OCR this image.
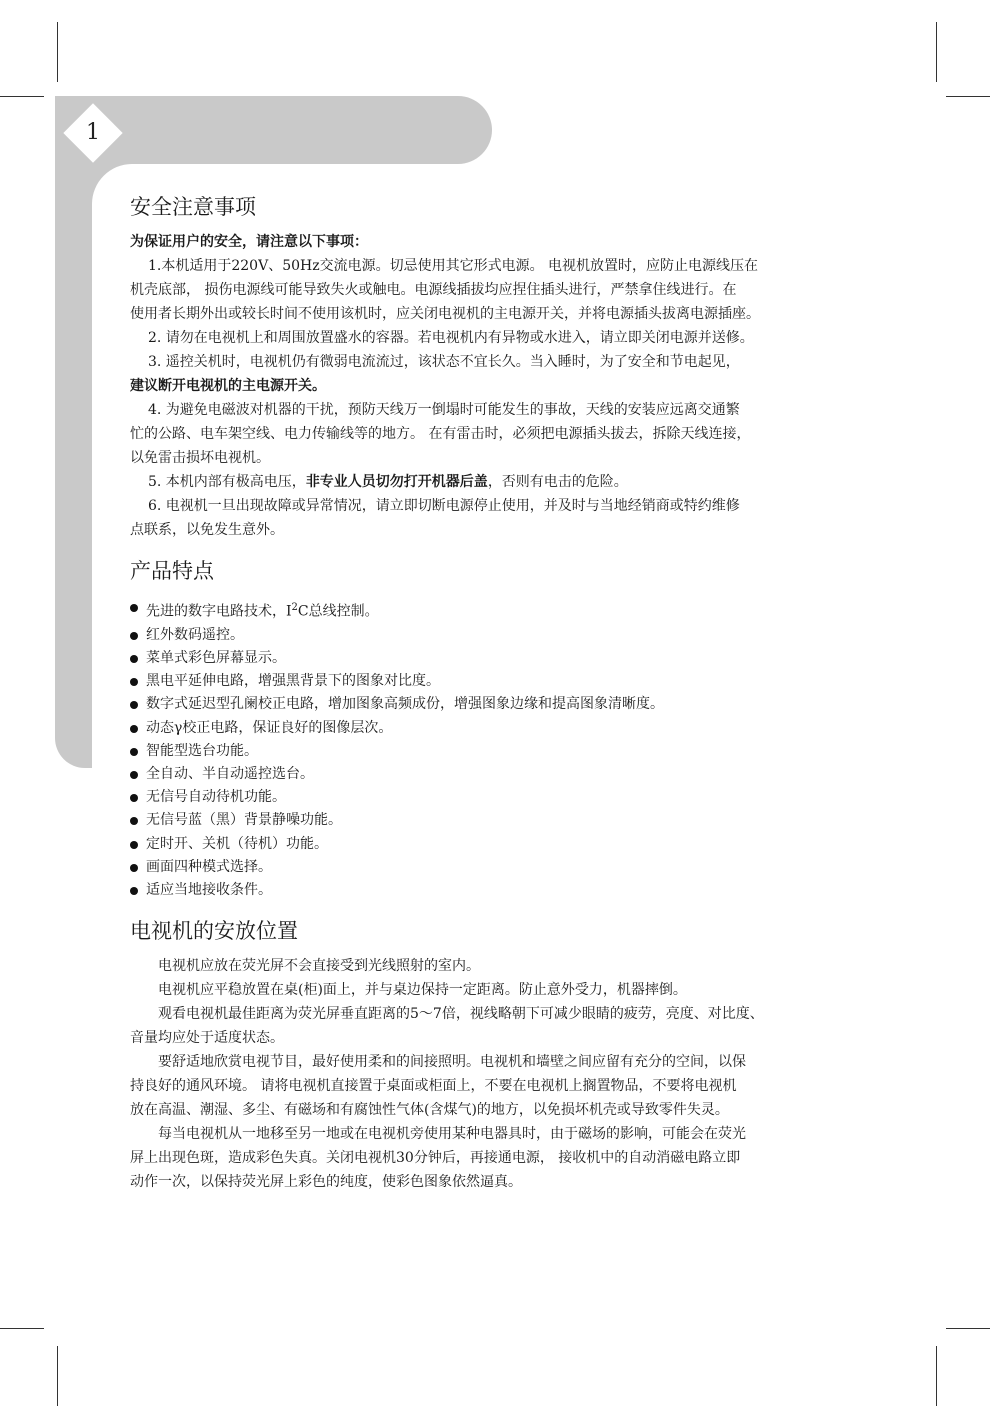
1
安全注意事项
为保证用户的安全，请注意以下事项：

1.本机适用于220V、50Hz交流电源。切忌使用其它形式电源。 电视机放置时，应防止电源线压在

机壳底部， 损伤电源线可能导致失火或触电。电源线插拔均应捏住插头进行，严禁拿住线进行。在

使用者长期外出或较长时间不使用该机时，应关闭电视机的主电源开关，并将电源插头拔离电源插座。

2. 请勿在电视机上和周围放置盛水的容器。若电视机内有异物或水进入，请立即关闭电源并送修。

3. 遥控关机时，电视机仍有微弱电流流过，该状态不宜长久。当入睡时，为了安全和节电起见，

建议断开电视机的主电源开关。

4. 为避免电磁波对机器的干扰，预防天线万一倒塌时可能发生的事故，天线的安装应远离交通繁

忙的公路、电车架空线、电力传输线等的地方。 在有雷击时，必须把电源插头拔去，拆除天线连接，

以免雷击损坏电视机。

5. 本机内部有极高电压，非专业人员切勿打开机器后盖，否则有电击的危险。

6. 电视机一旦出现故障或异常情况，请立即切断电源停止使用，并及时与当地经销商或特约维修

点联系，以免发生意外。

产品特点
先进的数字电路技术，$I^2C$总线控制。
红外数码遥控。
菜单式彩色屏幕显示。
黑电平延伸电路，增强黑背景下的图象对比度。
数字式延迟型孔阑校正电路，增加图象高频成份，增强图象边缘和提高图象清晰度。
动态γ校正电路，保证良好的图像层次。
智能型选台功能。
全自动、半自动遥控选台。
无信号自动待机功能。
无信号蓝（黑）背景静噪功能。
定时开、关机（待机）功能。
画面四种模式选择。
适应当地接收条件。
电视机的安放位置

电视机应放在荧光屏不会直接受到光线照射的室内。

电视机应平稳放置在桌(柜)面上，并与桌边保持一定距离。防止意外受力，机器摔倒。

观看电视机最佳距离为荧光屏垂直距离的5～7倍，视线略朝下可减少眼睛的疲劳，亮度、对比度、

音量均应处于适度状态。

要舒适地欣赏电视节目，最好使用柔和的间接照明。电视机和墙壁之间应留有充分的空间，以保

持良好的通风环境。 请将电视机直接置于桌面或柜面上，不要在电视机上搁置物品，不要将电视机

放在高温、潮湿、多尘、有磁场和有腐蚀性气体(含煤气)的地方，以免损坏机壳或导致零件失灵。

每当电视机从一地移至另一地或在电视机旁使用某种电器具时，由于磁场的影响，可能会在荧光

屏上出现色斑，造成彩色失真。关闭电视机30分钟后，再接通电源， 接收机中的自动消磁电路立即

动作一次，以保持荧光屏上彩色的纯度，使彩色图象依然逼真。
